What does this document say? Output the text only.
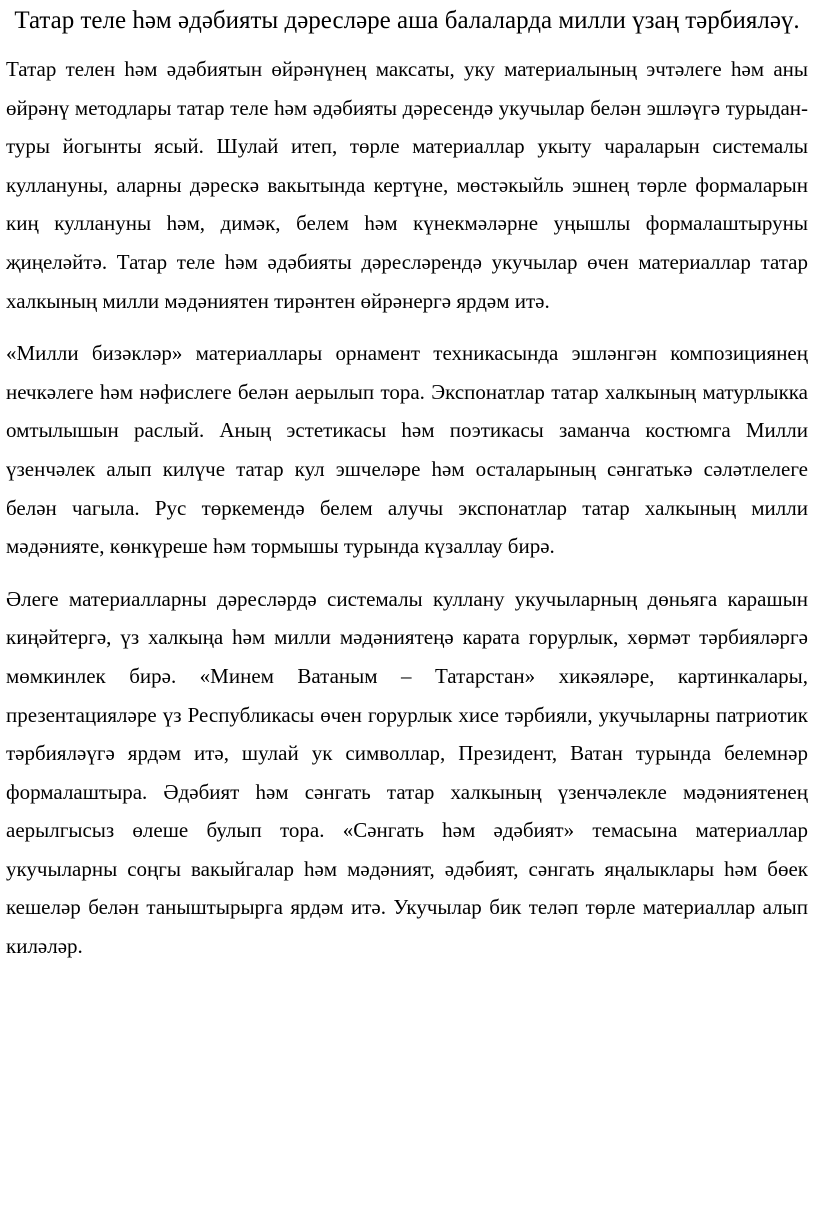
Татар теле һәм әдәбияты дәресләре аша балаларда милли үзаң тәрбияләү.

Татар телен һәм әдәбиятын өйрәнүнең максаты, уку материалының эчтәлеге һәм аны өйрәнү методлары татар теле һәм әдәбияты дәресендә укучылар белән эшләүгә турыдан-туры йогынты ясый. Шулай итеп, төрле материаллар укыту чараларын системалы куллануны, аларны дәрескә вакытында кертүне, мөстәкыйль эшнең төрле формаларын киң куллануны һәм, димәк, белем һәм күнекмәләрне уңышлы формалаштыруны җиңеләйтә. Татар теле һәм әдәбияты дәресләрендә укучылар өчен материаллар татар халкының милли мәдәниятен тирәнтен өйрәнергә ярдәм итә.

«Милли бизәкләр» материаллары орнамент техникасында эшләнгән композициянең нечкәлеге һәм нәфислеге белән аерылып тора. Экспонатлар татар халкының матурлыкка омтылышын раслый. Аның эстетикасы һәм поэтикасы заманча костюмга Милли үзенчәлек алып килүче татар кул эшчеләре һәм осталарының сәнгатькә сәләтлелеге белән чагыла. Рус төркемендә белем алучы экспонатлар татар халкының милли мәдәнияте, көнкүреше һәм тормышы турында күзаллау бирә.

Әлеге материалларны дәресләрдә системалы куллану укучыларның дөньяга карашын киңәйтергә, үз халкыңа һәм милли мәдәниятеңә карата горурлык, хөрмәт тәрбияләргә мөмкинлек бирә. «Минем Ватаным – Татарстан» хикәяләре, картинкалары, презентацияләре үз Республикасы өчен горурлык хисе тәрбияли, укучыларны патриотик тәрбияләүгә ярдәм итә, шулай ук символлар, Президент, Ватан турында белемнәр формалаштыра. Әдәбият һәм сәнгать татар халкының үзенчәлекле мәдәниятенең аерылгысыз өлеше булып тора. «Сәнгать һәм әдәбият» темасына материаллар укучыларны соңгы вакыйгалар һәм мәдәният, әдәбият, сәнгать яңалыклары һәм бөек кешеләр белән таныштырырга ярдәм итә. Укучылар бик теләп төрле материаллар алып киләләр.
